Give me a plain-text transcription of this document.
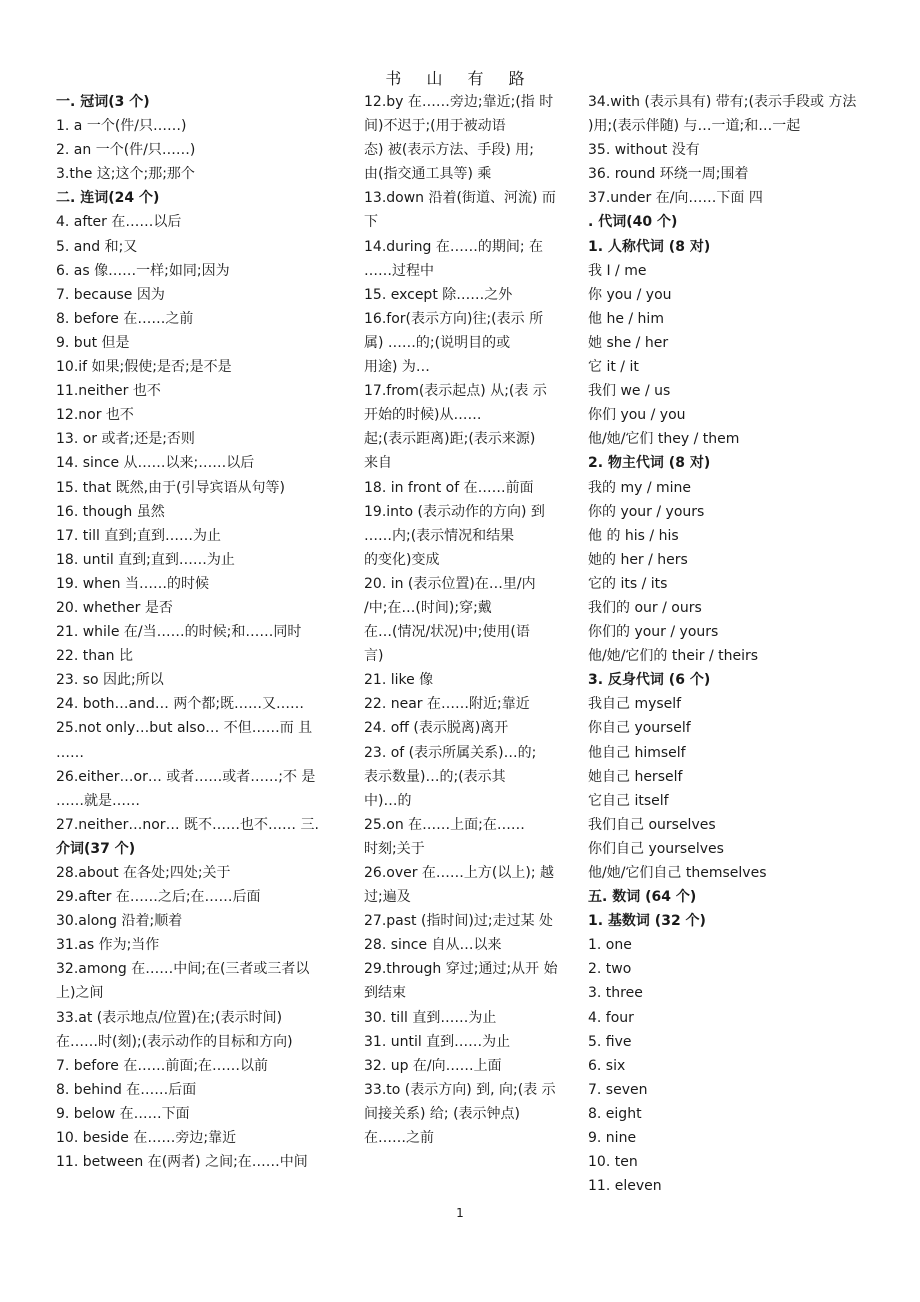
书 山 有 路
一. 冠词(3 个)
1. a 一个(件/只……)
2. an 一个(件/只……)
3.the 这;这个;那;那个
二. 连词(24 个)
4. after 在……以后
5. and 和;又
6. as 像……一样;如同;因为
7. because 因为
8. before 在……之前
9. but 但是
10.if 如果;假使;是否;是不是
11.neither 也不
12.nor 也不
13. or 或者;还是;否则
14. since 从……以来;……以后
15. that 既然,由于(引导宾语从句等)
16. though 虽然
17. till 直到;直到……为止
18. until 直到;直到……为止
19. when 当……的时候
20. whether 是否
21. while 在/当……的时候;和……同时
22. than 比
23. so 因此;所以
24. both…and… 两个都;既……又……
25.not only…but also… 不但……而 且
……
26.either…or… 或者……或者……;不 是
……就是……
27.neither…nor… 既不……也不…… 三.
介词(37 个)
28.about 在各处;四处;关于
29.after 在……之后;在……后面
30.along 沿着;顺着
31.as 作为;当作
32.among 在……中间;在(三者或三者以
上)之间
33.at (表示地点/位置)在;(表示时间)
在……时(刻);(表示动作的目标和方向)
7. before 在……前面;在……以前
8. behind 在……后面
9. below 在……下面
10. beside 在……旁边;靠近
11. between 在(两者) 之间;在……中间
12.by 在……旁边;靠近;(指 时
间)不迟于;(用于被动语
态) 被(表示方法、手段) 用;
由(指交通工具等) 乘
13.down 沿着(街道、河流) 而
下
14.during 在……的期间; 在
……过程中
15. except 除……之外
16.for(表示方向)往;(表示 所
属) ……的;(说明目的或
用途) 为…
17.from(表示起点) 从;(表 示
开始的时候)从……
起;(表示距离)距;(表示来源)
来自
18. in front of 在……前面
19.into (表示动作的方向) 到
……内;(表示情况和结果
的变化)变成
20. in (表示位置)在…里/内
/中;在…(时间);穿;戴
在…(情况/状况)中;使用(语
言)
21. like 像
22. near 在……附近;靠近
24. off (表示脱离)离开
23. of (表示所属关系)…的;
表示数量)…的;(表示其
中)…的
25.on 在……上面;在……
时刻;关于
26.over 在……上方(以上); 越
过;遍及
27.past (指时间)过;走过某 处
28. since 自从…以来
29.through 穿过;通过;从开 始
到结束
30. till 直到……为止
31. until 直到……为止
32. up 在/向……上面
33.to (表示方向) 到, 向;(表 示
间接关系) 给; (表示钟点)
在……之前
34.with (表示具有) 带有;(表示手段或 方法
)用;(表示伴随) 与…一道;和…一起
35. without 没有
36. round 环绕一周;围着
37.under 在/向……下面 四
. 代词(40 个)
1. 人称代词 (8 对)
我 I / me
你 you / you
他 he / him
她 she / her
它 it / it
我们 we / us
你们 you / you
他/她/它们 they / them
2. 物主代词 (8 对)
我的 my / mine
你的 your / yours
他 的 his / his
她的 her / hers
它的 its / its
我们的 our / ours
你们的 your / yours
他/她/它们的 their / theirs
3. 反身代词 (6 个)
我自己 myself
你自己 yourself
他自己 himself
她自己 herself
它自己 itself
我们自己 ourselves
你们自己 yourselves
他/她/它们自己 themselves
五. 数词 (64 个)
1. 基数词 (32 个)
1. one
2. two
3. three
4. four
5. five
6. six
7. seven
8. eight
9. nine
10. ten
11. eleven
1
